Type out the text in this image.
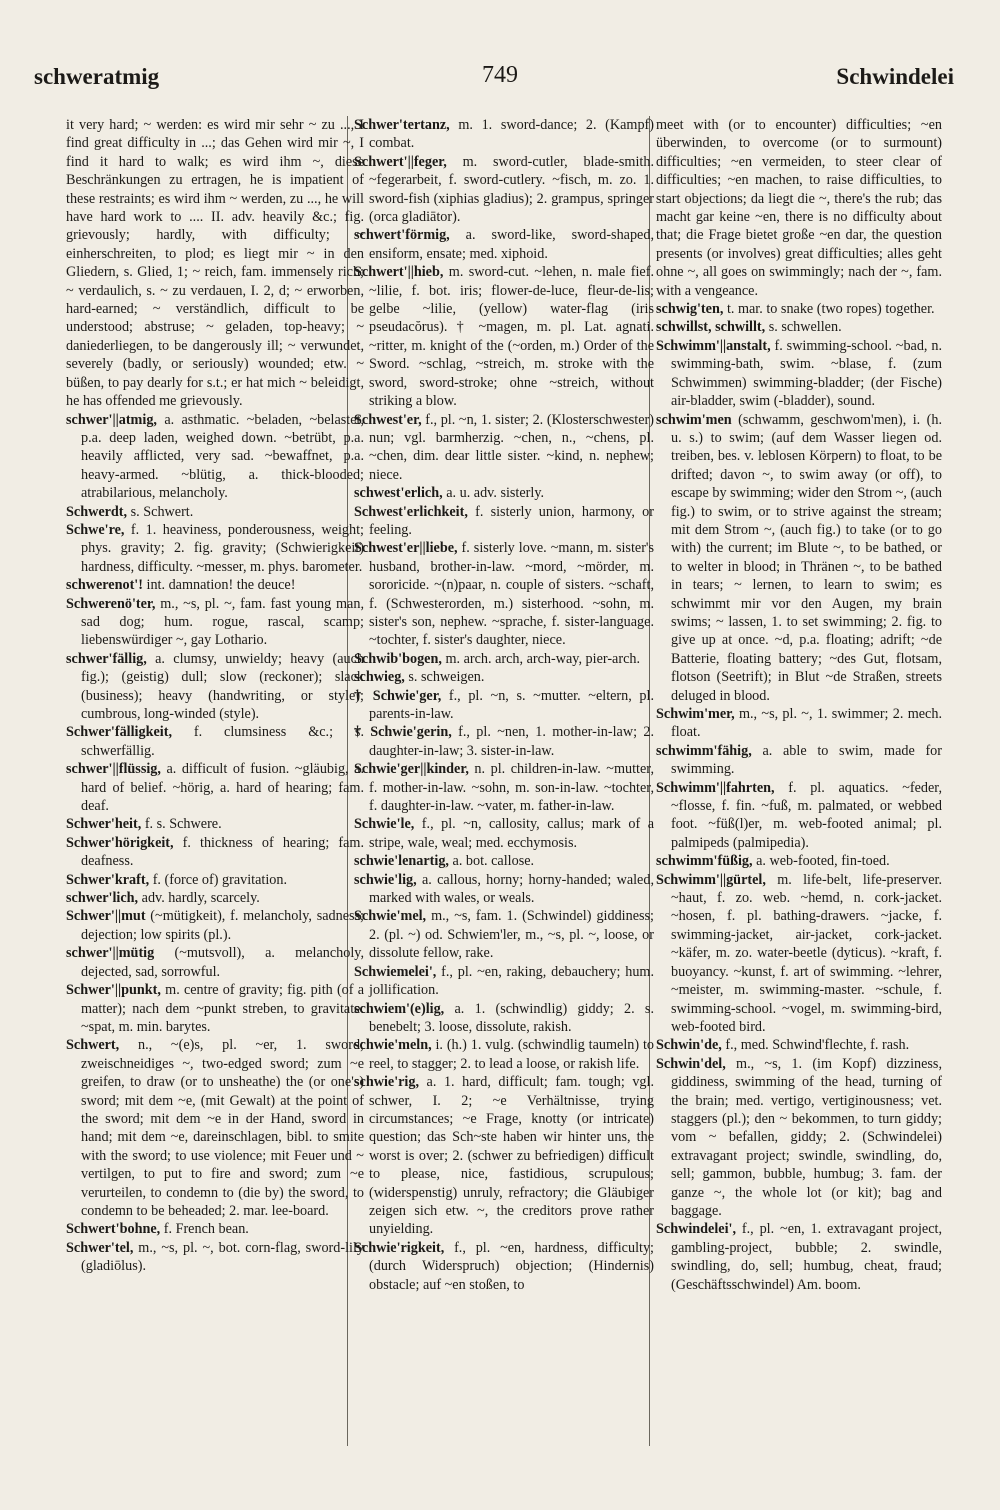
schweratmig	749	Schwindelei

it very hard; ~ werden: es wird mir sehr ~ zu ..., I find great difficulty in ...; das Gehen wird mir ~, I find it hard to walk; es wird ihm ~, diese Beschränkungen zu ertragen, he is impatient of these restraints; es wird ihm ~ werden, zu ..., he will have hard work to .... II. adv. heavily &c.; fig. grievously; hardly, with difficulty; ~ einherschreiten, to plod; es liegt mir ~ in den Gliedern, s. Glied, 1; ~ reich, fam. immensely rich; ~ verdaulich, s. ~ zu verdauen, I. 2, d; ~ erworben, hard-earned; ~ verständlich, difficult to be understood; abstruse; ~ geladen, top-heavy; ~ daniederliegen, to be dangerously ill; ~ verwundet, severely (badly, or seriously) wounded; etw. ~ büßen, to pay dearly for s.t.; er hat mich ~ beleidigt, he has offended me grievously.

schwer'||atmig, a. asthmatic. ~beladen, ~belastet, p.a. deep laden, weighed down. ~betrübt, p.a. heavily afflicted, very sad. ~bewaffnet, p.a. heavy-armed. ~blütig, a. thick-blooded; atrabilarious, melancholy.

Schwerdt, s. Schwert.

Schwe're, f. 1. heaviness, ponderousness, weight; phys. gravity; 2. fig. gravity; (Schwierigkeit) hardness, difficulty. ~messer, m. phys. barometer.

schwerenot'! int. damnation! the deuce!

Schwerenö'ter, m., ~s, pl. ~, fam. fast young man, sad dog; hum. rogue, rascal, scamp; liebenswürdiger ~, gay Lothario.

schwer'fällig, a. clumsy, unwieldy; heavy (auch fig.); (geistig) dull; slow (reckoner); slack (business); heavy (handwriting, or style); cumbrous, long-winded (style).

Schwer'fälligkeit, f. clumsiness &c.; s. schwerfällig.

schwer'||flüssig, a. difficult of fusion. ~gläubig, a. hard of belief. ~hörig, a. hard of hearing; fam. deaf.

Schwer'heit, f. s. Schwere.

Schwer'hörigkeit, f. thickness of hearing; fam. deafness.

Schwer'kraft, f. (force of) gravitation.

schwer'lich, adv. hardly, scarcely.

Schwer'||mut (~mütigkeit), f. melancholy, sadness; dejection; low spirits (pl.).

schwer'||mütig (~mutsvoll), a. melancholy, dejected, sad, sorrowful.

Schwer'||punkt, m. centre of gravity; fig. pith (of a matter); nach dem ~punkt streben, to gravitate. ~spat, m. min. barytes.

Schwert, n., ~(e)s, pl. ~er, 1. sword; zweischneidiges ~, two-edged sword; zum ~e greifen, to draw (or to unsheathe) the (or one's) sword; mit dem ~e, (mit Gewalt) at the point of the sword; mit dem ~e in der Hand, sword in hand; mit dem ~e, dareinschlagen, bibl. to smite with the sword; to use violence; mit Feuer und ~ vertilgen, to put to fire and sword; zum ~e verurteilen, to condemn to (die by) the sword, to condemn to be beheaded; 2. mar. lee-board.

Schwert'bohne, f. French bean.

Schwer'tel, m., ~s, pl. ~, bot. corn-flag, sword-lily (gladiōlus).

Schwer'tertanz, m. 1. sword-dance; 2. (Kampf) combat.

Schwert'||feger, m. sword-cutler, blade-smith. ~fegerarbeit, f. sword-cutlery. ~fisch, m. zo. 1. sword-fish (xiphias gladius); 2. grampus, springer (orca gladiātor).

schwert'förmig, a. sword-like, sword-shaped, ensiform, ensate; med. xiphoid.

Schwert'||hieb, m. sword-cut. ~lehen, n. male fief. ~lilie, f. bot. iris; flower-de-luce, fleur-de-lis; gelbe ~lilie, (yellow) water-flag (iris pseudacŏrus). † ~magen, m. pl. Lat. agnati. ~ritter, m. knight of the (~orden, m.) Order of the Sword. ~schlag, ~streich, m. stroke with the sword, sword-stroke; ohne ~streich, without striking a blow.

Schwest'er, f., pl. ~n, 1. sister; 2. (Klosterschwester) nun; vgl. barmherzig. ~chen, n., ~chens, pl. ~chen, dim. dear little sister. ~kind, n. nephew; niece.

schwest'erlich, a. u. adv. sisterly.

Schwest'erlichkeit, f. sisterly union, harmony, or feeling.

Schwest'er||liebe, f. sisterly love. ~mann, m. sister's husband, brother-in-law. ~mord, ~mörder, m. sororicide. ~(n)paar, n. couple of sisters. ~schaft, f. (Schwesterorden, m.) sisterhood. ~sohn, m. sister's son, nephew. ~sprache, f. sister-language. ~tochter, f. sister's daughter, niece.

Schwib'bogen, m. arch. arch, arch-way, pier-arch.

schwieg, s. schweigen.

† Schwie'ger, f., pl. ~n, s. ~mutter. ~eltern, pl. parents-in-law.

† Schwie'gerin, f., pl. ~nen, 1. mother-in-law; 2. daughter-in-law; 3. sister-in-law.

Schwie'ger||kinder, n. pl. children-in-law. ~mutter, f. mother-in-law. ~sohn, m. son-in-law. ~tochter, f. daughter-in-law. ~vater, m. father-in-law.

Schwie'le, f., pl. ~n, callosity, callus; mark of a stripe, wale, weal; med. ecchymosis.

schwie'lenartig, a. bot. callose.

schwie'lig, a. callous, horny; horny-handed; waled, marked with wales, or weals.

Schwie'mel, m., ~s, fam. 1. (Schwindel) giddiness; 2. (pl. ~) od. Schwiem'ler, m., ~s, pl. ~, loose, or dissolute fellow, rake.

Schwiemelei', f., pl. ~en, raking, debauchery; hum. jollification.

schwiem'(e)lig, a. 1. (schwindlig) giddy; 2. s. benebelt; 3. loose, dissolute, rakish.

schwie'meln, i. (h.) 1. vulg. (schwindlig taumeln) to reel, to stagger; 2. to lead a loose, or rakish life.

schwie'rig, a. 1. hard, difficult; fam. tough; vgl. schwer, I. 2; ~e Verhältnisse, trying circumstances; ~e Frage, knotty (or intricate) question; das Sch~ste haben wir hinter uns, the worst is over; 2. (schwer zu befriedigen) difficult to please, nice, fastidious, scrupulous; (widerspenstig) unruly, refractory; die Gläubiger zeigen sich etw. ~, the creditors prove rather unyielding.

Schwie'rigkeit, f., pl. ~en, hardness, difficulty; (durch Widerspruch) objection; (Hindernis) obstacle; auf ~en stoßen, to

meet with (or to encounter) difficulties; ~en überwinden, to overcome (or to surmount) difficulties; ~en vermeiden, to steer clear of difficulties; ~en machen, to raise difficulties, to start objections; da liegt die ~, there's the rub; das macht gar keine ~en, there is no difficulty about that; die Frage bietet große ~en dar, the question presents (or involves) great difficulties; alles geht ohne ~, all goes on swimmingly; nach der ~, fam. with a vengeance.

schwig'ten, t. mar. to snake (two ropes) together.

schwillst, schwillt, s. schwellen.

Schwimm'||anstalt, f. swimming-school. ~bad, n. swimming-bath, swim. ~blase, f. (zum Schwimmen) swimming-bladder; (der Fische) air-bladder, swim (-bladder), sound.

schwim'men (schwamm, geschwom'men), i. (h. u. s.) to swim; (auf dem Wasser liegen od. treiben, bes. v. leblosen Körpern) to float, to be drifted; davon ~, to swim away (or off), to escape by swimming; wider den Strom ~, (auch fig.) to swim, or to strive against the stream; mit dem Strom ~, (auch fig.) to take (or to go with) the current; im Blute ~, to be bathed, or to welter in blood; in Thränen ~, to be bathed in tears; ~ lernen, to learn to swim; es schwimmt mir vor den Augen, my brain swims; ~ lassen, 1. to set swimming; 2. fig. to give up at once. ~d, p.a. floating; adrift; ~de Batterie, floating battery; ~des Gut, flotsam, flotson (Seetrift); in Blut ~de Straßen, streets deluged in blood.

Schwim'mer, m., ~s, pl. ~, 1. swimmer; 2. mech. float.

schwimm'fähig, a. able to swim, made for swimming.

Schwimm'||fahrten, f. pl. aquatics. ~feder, ~flosse, f. fin. ~fuß, m. palmated, or webbed foot. ~füß(l)er, m. web-footed animal; pl. palmipeds (palmipedia).

schwimm'füßig, a. web-footed, fin-toed.

Schwimm'||gürtel, m. life-belt, life-preserver. ~haut, f. zo. web. ~hemd, n. cork-jacket. ~hosen, f. pl. bathing-drawers. ~jacke, f. swimming-jacket, air-jacket, cork-jacket. ~käfer, m. zo. water-beetle (dyticus). ~kraft, f. buoyancy. ~kunst, f. art of swimming. ~lehrer, ~meister, m. swimming-master. ~schule, f. swimming-school. ~vogel, m. swimming-bird, web-footed bird.

Schwin'de, f., med. Schwind'flechte, f. rash.

Schwin'del, m., ~s, 1. (im Kopf) dizziness, giddiness, swimming of the head, turning of the brain; med. vertigo, vertiginousness; vet. staggers (pl.); den ~ bekommen, to turn giddy; vom ~ befallen, giddy; 2. (Schwindelei) extravagant project; swindle, swindling, do, sell; gammon, bubble, humbug; 3. fam. der ganze ~, the whole lot (or kit); bag and baggage.

Schwindelei', f., pl. ~en, 1. extravagant project, gambling-project, bubble; 2. swindle, swindling, do, sell; humbug, cheat, fraud; (Geschäftsschwindel) Am. boom.
